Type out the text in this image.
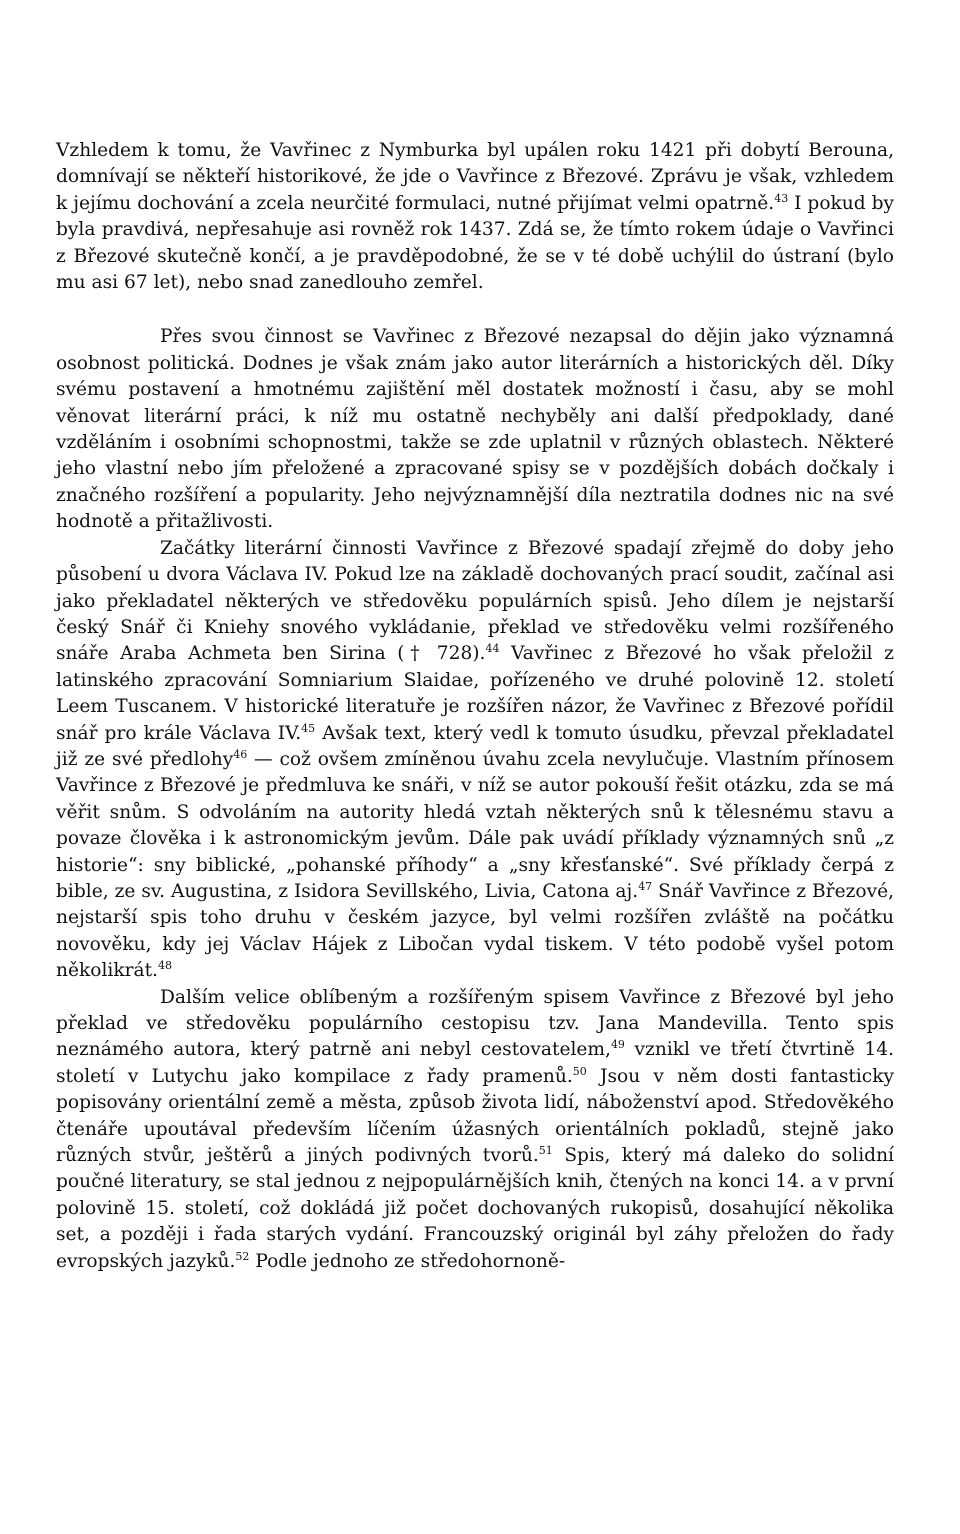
Vzhledem k tomu, že Vavřinec z Nymburka byl upálen roku 1421 při dobytí Berouna, domnívají se někteří historikové, že jde o Vavřince z Březové. Zprávu je však, vzhledem k jejímu dochování a zcela neurčité formulaci, nutné přijímat velmi opatrně.$^{43}$ I pokud by byla pravdivá, nepřesahuje asi rovněž rok 1437. Zdá se, že tímto rokem údaje o Vavřinci z Březové skutečně končí, a je pravděpodobné, že se v té době uchýlil do ústraní (bylo mu asi 67 let), nebo snad zanedlouho zemřel.

Přes svou činnost se Vavřinec z Březové nezapsal do dějin jako významná osobnost politická. Dodnes je však znám jako autor literárních a historických děl. Díky svému postavení a hmotnému zajištění měl dostatek možností i času, aby se mohl věnovat literární práci, k níž mu ostatně nechyběly ani další předpoklady, dané vzděláním i osobními schopnostmi, takže se zde uplatnil v různých oblastech. Některé jeho vlastní nebo jím přeložené a zpracované spisy se v pozdějších dobách dočkaly i značného rozšíření a popularity. Jeho nejvýznamnější díla neztratila dodnes nic na své hodnotě a přitažlivosti.

Začátky literární činnosti Vavřince z Březové spadají zřejmě do doby jeho působení u dvora Václava IV. Pokud lze na základě dochovaných prací soudit, začínal asi jako překladatel některých ve středověku populárních spisů. Jeho dílem je nejstarší český Snář či Kniehy snového vykládanie, překlad ve středověku velmi rozšířeného snáře Araba Achmeta ben Sirina († 728).$^{44}$ Vavřinec z Březové ho však přeložil z latinského zpracování Somniarium Slaidae, pořízeného ve druhé polovině 12. století Leem Tuscanem. V historické literatuře je rozšířen názor, že Vavřinec z Březové pořídil snář pro krále Václava IV.$^{45}$ Avšak text, který vedl k tomuto úsudku, převzal překladatel již ze své předlohy$^{46}$ — což ovšem zmíněnou úvahu zcela nevylučuje. Vlastním přínosem Vavřince z Březové je předmluva ke snáři, v níž se autor pokouší řešit otázku, zda se má věřit snům. S odvoláním na autority hledá vztah některých snů k tělesnému stavu a povaze člověka i k astronomickým jevům. Dále pak uvádí příklady významných snů „z historie“: sny biblické, „pohanské příhody“ a „sny křesťanské“. Své příklady čerpá z bible, ze sv. Augustina, z Isidora Sevillského, Livia, Catona aj.$^{47}$ Snář Vavřince z Březové, nejstarší spis toho druhu v českém jazyce, byl velmi rozšířen zvláště na počátku novověku, kdy jej Václav Hájek z Libočan vydal tiskem. V této podobě vyšel potom několikrát.$^{48}$

Dalším velice oblíbeným a rozšířeným spisem Vavřince z Březové byl jeho překlad ve středověku populárního cestopisu tzv. Jana Mandevilla. Tento spis neznámého autora, který patrně ani nebyl cestovatelem,$^{49}$ vznikl ve třetí čtvrtině 14. století v Lutychu jako kompilace z řady pramenů.$^{50}$ Jsou v něm dosti fantasticky popisovány orientální země a města, způsob života lidí, náboženství apod. Středověkého čtenáře upoutával především líčením úžasných orientálních pokladů, stejně jako různých stvůr, ještěrů a jiných podivných tvorů.$^{51}$ Spis, který má daleko do solidní poučné literatury, se stal jednou z nejpopulárnějších knih, čtených na konci 14. a v první polovině 15. století, což dokládá již počet dochovaných rukopisů, dosahující několika set, a později i řada starých vydání. Francouzský originál byl záhy přeložen do řady evropských jazyků.$^{52}$ Podle jednoho ze středohornoně-
